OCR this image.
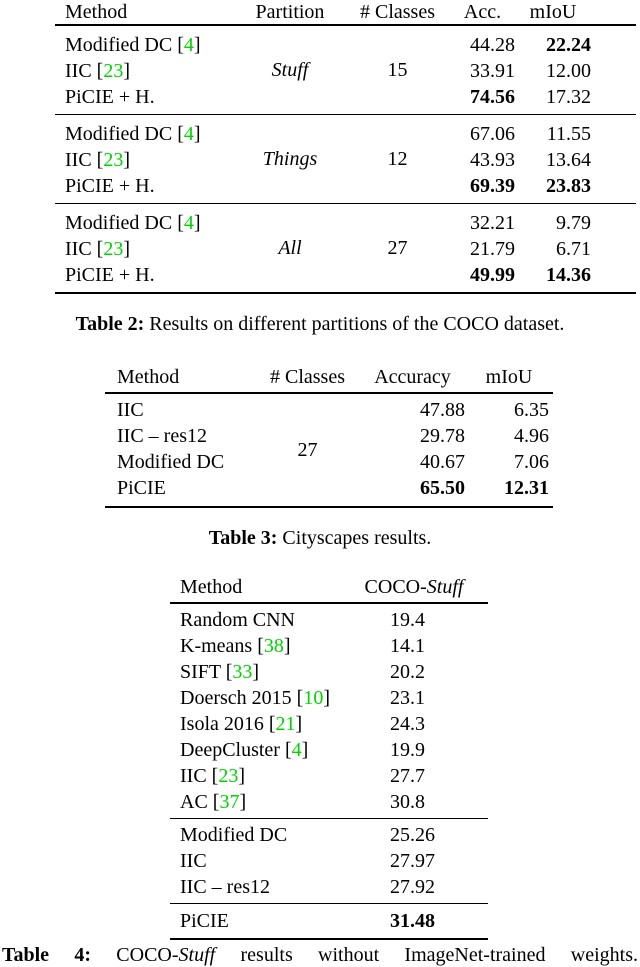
Method	Partition	# Classes	Acc.	mIoU
Modified DC [4]	Stuff	15	44.28	22.24
IIC [23]			33.91	12.00
PiCIE + H.			74.56	17.32
Modified DC [4]	Things	12	67.06	11.55
IIC [23]			43.93	13.64
PiCIE + H.			69.39	23.83
Modified DC [4]	All	27	32.21	9.79
IIC [23]			21.79	6.71
PiCIE + H.			49.99	14.36
Table 2: Results on different partitions of the COCO dataset.
Method	# Classes	Accuracy	mIoU
IIC	27	47.88	6.35
IIC – res12		29.78	4.96
Modified DC		40.67	7.06
PiCIE		65.50	12.31
Table 3: Cityscapes results.
Method	COCO-Stuff
Random CNN	19.4
K-means [38]	14.1
SIFT [33]	20.2
Doersch 2015 [10]	23.1
Isola 2016 [21]	24.3
DeepCluster [4]	19.9
IIC [23]	27.7
AC [37]	30.8
Modified DC	25.26
IIC	27.97
IIC – res12	27.92
PiCIE	31.48
Table 4: COCO-Stuff results without ImageNet-trained weights.
